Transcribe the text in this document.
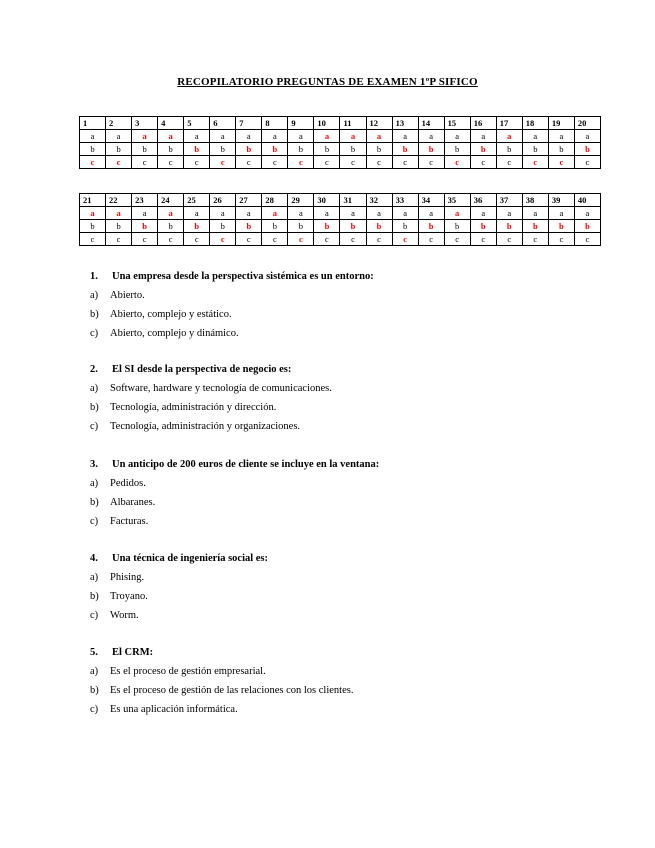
RECOPILATORIO PREGUNTAS DE EXAMEN 1ºP SIFICO
1	2	3	4	5	6	7	8	9	10	11	12	13	14	15	16	17	18	19	20
a	a	a	a	a	a	a	a	a	a	a	a	a	a	a	a	a	a	a	a
b	b	b	b	b	b	b	b	b	b	b	b	b	b	b	b	b	b	b	b
c	c	c	c	c	c	c	c	c	c	c	c	c	c	c	c	c	c	c	c
21	22	23	24	25	26	27	28	29	30	31	32	33	34	35	36	37	38	39	40
a	a	a	a	a	a	a	a	a	a	a	a	a	a	a	a	a	a	a	a
b	b	b	b	b	b	b	b	b	b	b	b	b	b	b	b	b	b	b	b
c	c	c	c	c	c	c	c	c	c	c	c	c	c	c	c	c	c	c	c
1. Una empresa desde la perspectiva sistémica es un entorno:
a) Abierto.
b) Abierto, complejo y estático.
c) Abierto, complejo y dinámico.
2. El SI desde la perspectiva de negocio es:
a) Software, hardware y tecnología de comunicaciones.
b) Tecnología, administración y dirección.
c) Tecnología, administración y organizaciones.
3. Un anticipo de 200 euros de cliente se incluye en la ventana:
a) Pedidos.
b) Albaranes.
c) Facturas.
4. Una técnica de ingeniería social es:
a) Phising.
b) Troyano.
c) Worm.
5. El CRM:
a) Es el proceso de gestión empresarial.
b) Es el proceso de gestión de las relaciones con los clientes.
c) Es una aplicación informática.
